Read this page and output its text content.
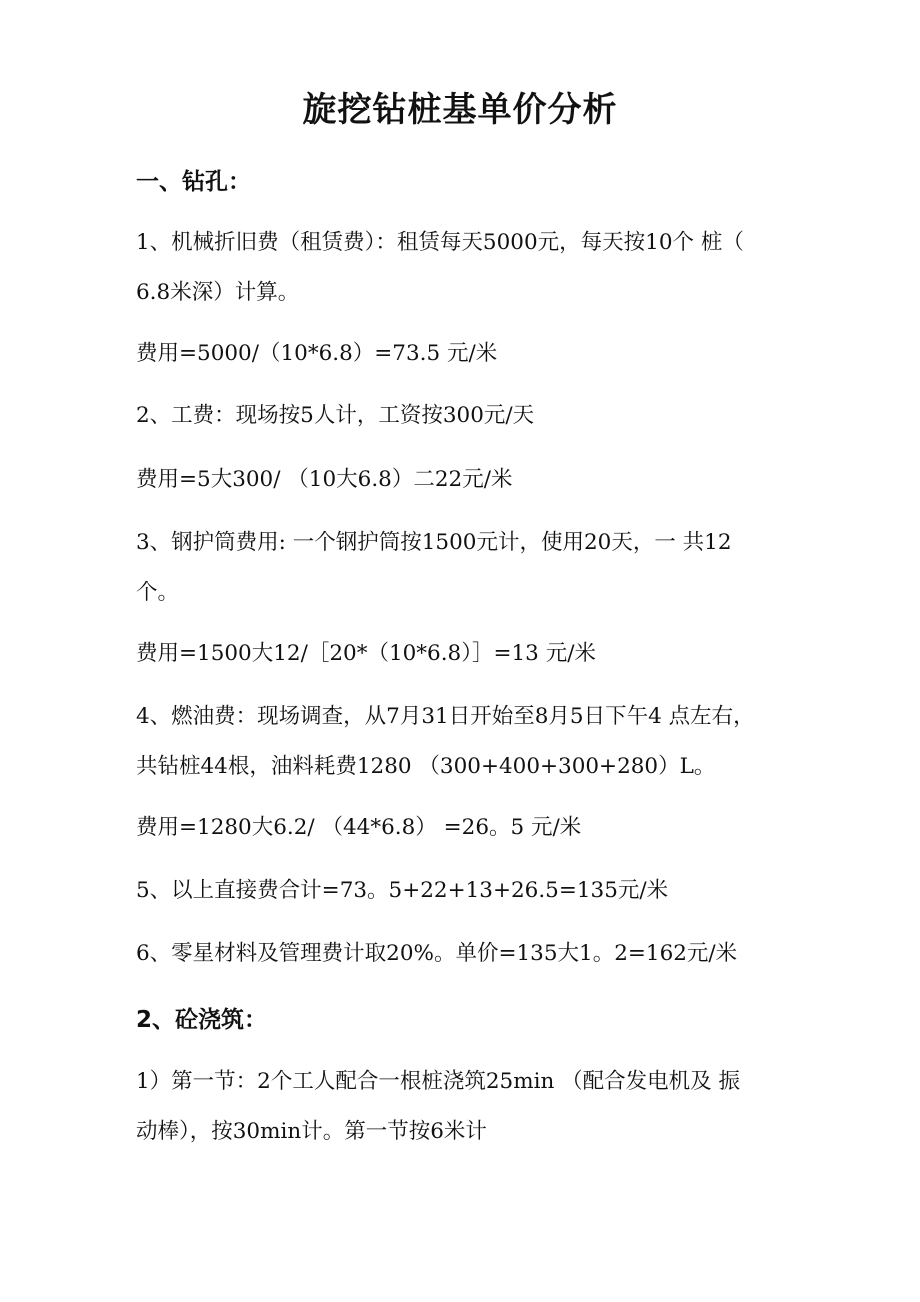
旋挖钻桩基单价分析
一、钻孔：

1、机械折旧费（租赁费）：租赁每天5000元，每天按10个 桩（
6.8米深）计算。

费用=5000/（10*6.8）=73.5 元/米

2、工费：现场按5人计，工资按300元/天

费用=5大300/ （10大6.8）二22元/米

3、钢护筒费用: 一个钢护筒按1500元计，使用20天，一 共12
个。

费用=1500大12/［20*（10*6.8）］=13 元/米

4、燃油费：现场调查，从7月31日开始至8月5日下午4 点左右，
共钻桩44根，油料耗费1280 （300+400+300+280）L。

费用=1280大6.2/ （44*6.8） =26。5 元/米

5、以上直接费合计=73。5+22+13+26.5=135元/米

6、零星材料及管理费计取20%。单价=135大1。2=162元/米

2、砼浇筑：

1）第一节：2个工人配合一根桩浇筑25min （配合发电机及 振
动棒），按30min计。第一节按6米计
